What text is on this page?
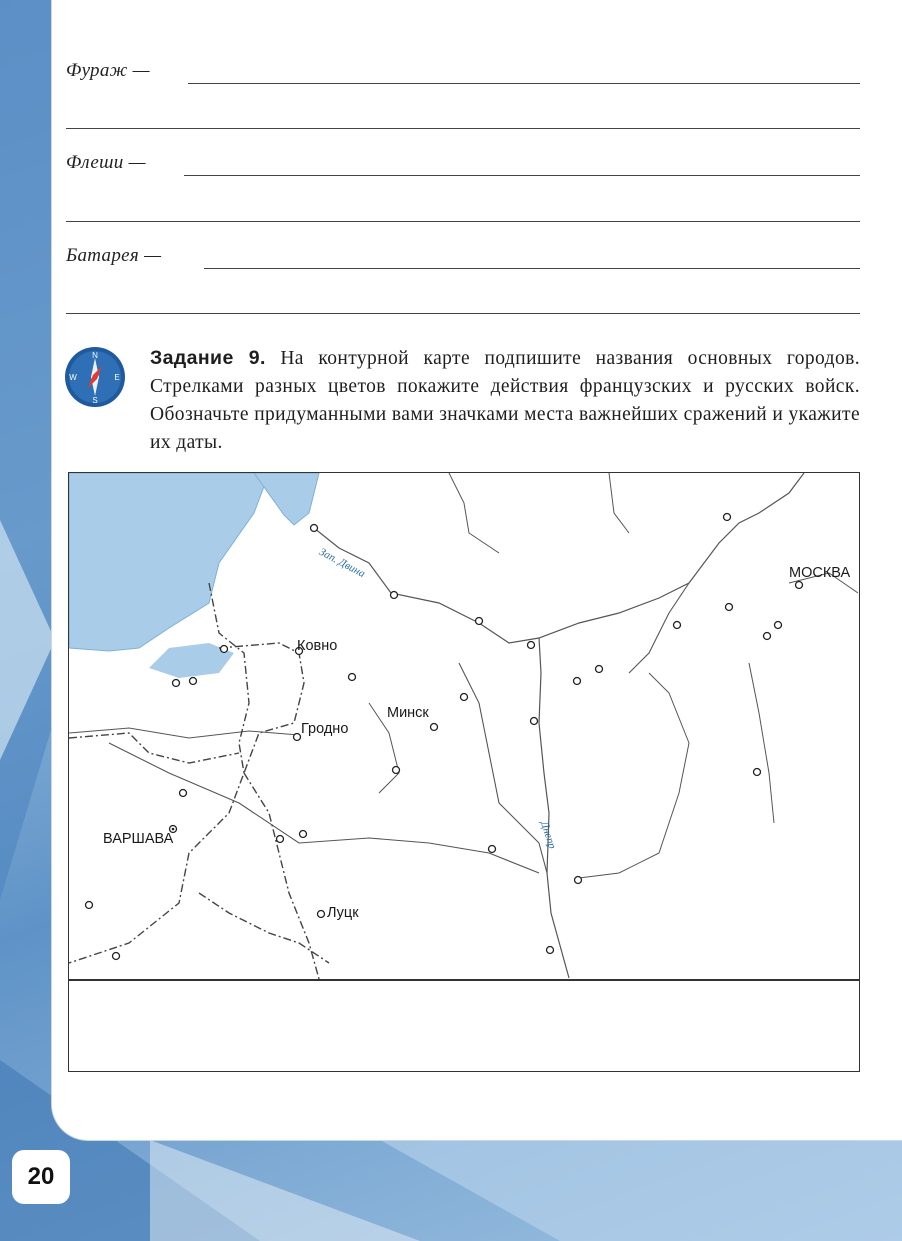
Фураж —
Флеши —
Батарея —
N
W	E
S
Задание 9. На контурной карте подпишите названия основных городов. Стрелками разных цветов покажите действия французских и русских войск. Обозначьте придуманными вами значками места важнейших сражений и укажите их даты.
МОСКВА
Ковно
Минск
Гродно
ВАРШАВА
Луцк
Зап. Двина
Днепр
20
